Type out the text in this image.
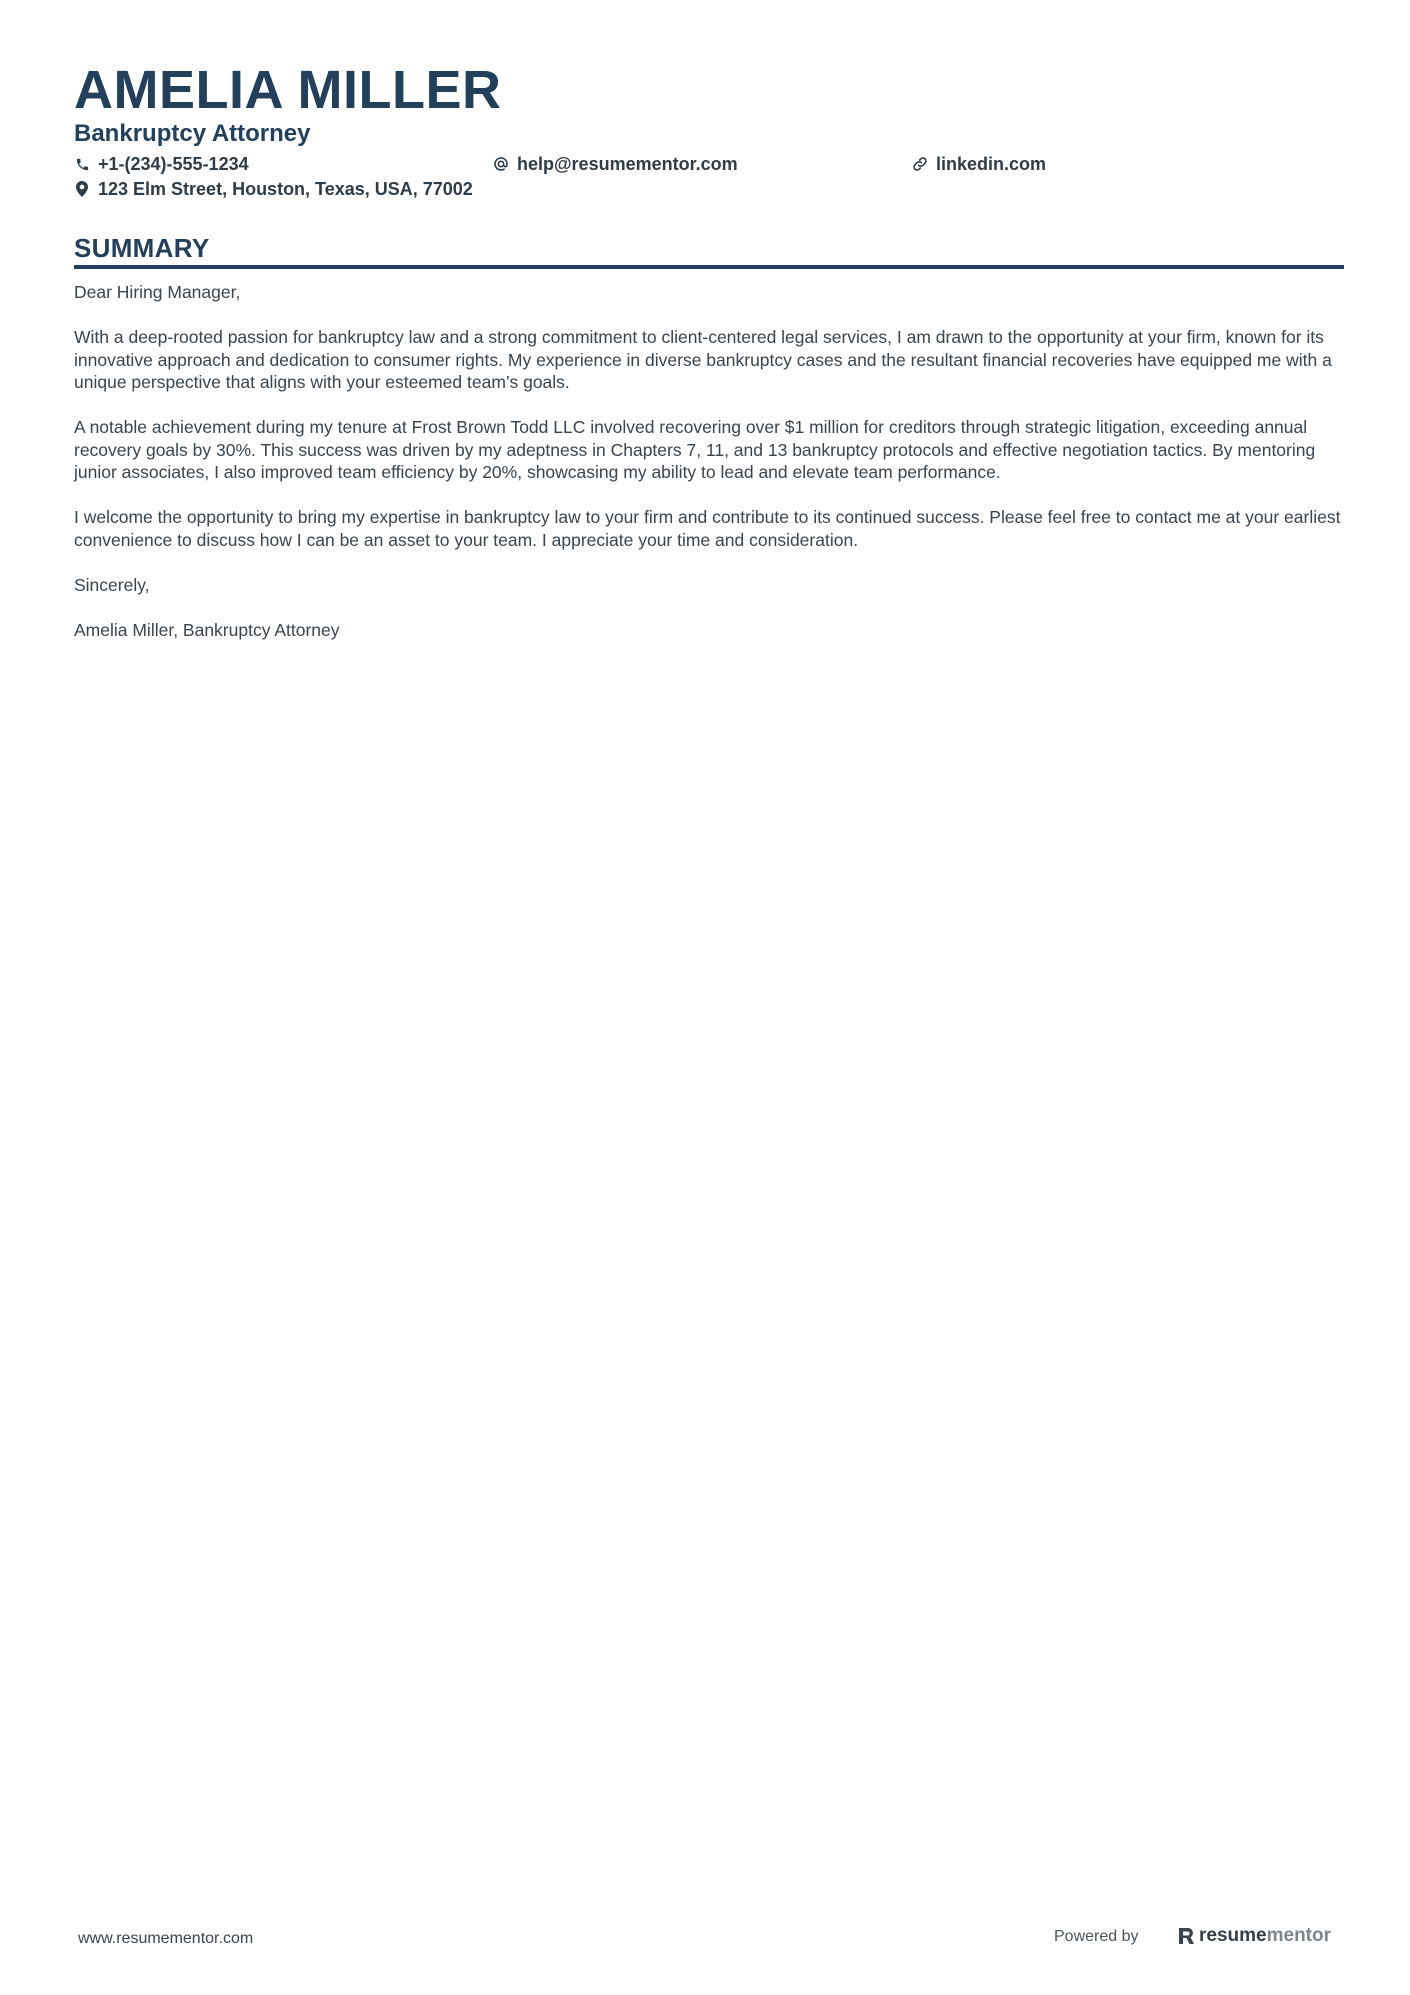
AMELIA MILLER
Bankruptcy Attorney
+1-(234)-555-1234	help@resumementor.com	linkedin.com
123 Elm Street, Houston, Texas, USA, 77002
SUMMARY

Dear Hiring Manager,

With a deep-rooted passion for bankruptcy law and a strong commitment to client-centered legal services, I am drawn to the opportunity at your firm, known for its innovative approach and dedication to consumer rights. My experience in diverse bankruptcy cases and the resultant financial recoveries have equipped me with a unique perspective that aligns with your esteemed team’s goals.

A notable achievement during my tenure at Frost Brown Todd LLC involved recovering over $1 million for creditors through strategic litigation, exceeding annual recovery goals by 30%. This success was driven by my adeptness in Chapters 7, 11, and 13 bankruptcy protocols and effective negotiation tactics. By mentoring junior associates, I also improved team efficiency by 20%, showcasing my ability to lead and elevate team performance.

I welcome the opportunity to bring my expertise in bankruptcy law to your firm and contribute to its continued success. Please feel free to contact me at your earliest convenience to discuss how I can be an asset to your team. I appreciate your time and consideration.

Sincerely,

Amelia Miller, Bankruptcy Attorney

www.resumementor.com	Powered by	resume mentor
